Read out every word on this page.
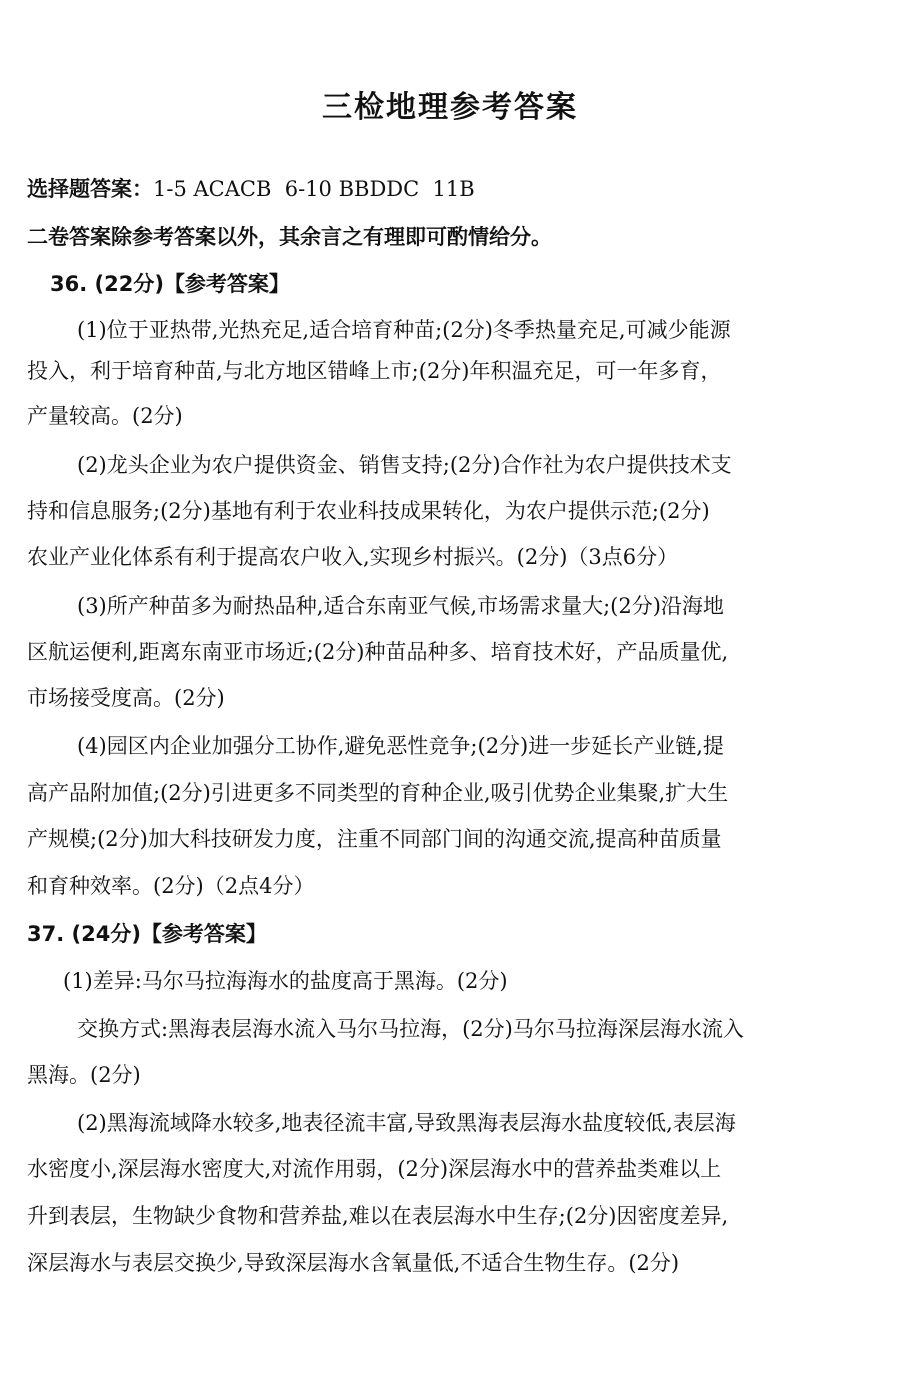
三检地理参考答案
选择题答案：1-5 ACACB  6-10 BBDDC  11B
二卷答案除参考答案以外，其余言之有理即可酌情给分。
36. (22分)【参考答案】
(1)位于亚热带,光热充足,适合培育种苗;(2分)冬季热量充足,可减少能源
投入，利于培育种苗,与北方地区错峰上市;(2分)年积温充足，可一年多育，
产量较高。(2分)
(2)龙头企业为农户提供资金、销售支持;(2分)合作社为农户提供技术支
持和信息服务;(2分)基地有利于农业科技成果转化，为农户提供示范;(2分)
农业产业化体系有利于提高农户收入,实现乡村振兴。(2分)（3点6分）
(3)所产种苗多为耐热品种,适合东南亚气候,市场需求量大;(2分)沿海地
区航运便利,距离东南亚市场近;(2分)种苗品种多、培育技术好，产品质量优,
市场接受度高。(2分)
(4)园区内企业加强分工协作,避免恶性竞争;(2分)进一步延长产业链,提
高产品附加值;(2分)引进更多不同类型的育种企业,吸引优势企业集聚,扩大生
产规模;(2分)加大科技研发力度，注重不同部门间的沟通交流,提高种苗质量
和育种效率。(2分)（2点4分）
37. (24分)【参考答案】
(1)差异:马尔马拉海海水的盐度高于黑海。(2分)
交换方式:黑海表层海水流入马尔马拉海，(2分)马尔马拉海深层海水流入
黑海。(2分)
(2)黑海流域降水较多,地表径流丰富,导致黑海表层海水盐度较低,表层海
水密度小,深层海水密度大,对流作用弱，(2分)深层海水中的营养盐类难以上
升到表层，生物缺少食物和营养盐,难以在表层海水中生存;(2分)因密度差异,
深层海水与表层交换少,导致深层海水含氧量低,不适合生物生存。(2分)
